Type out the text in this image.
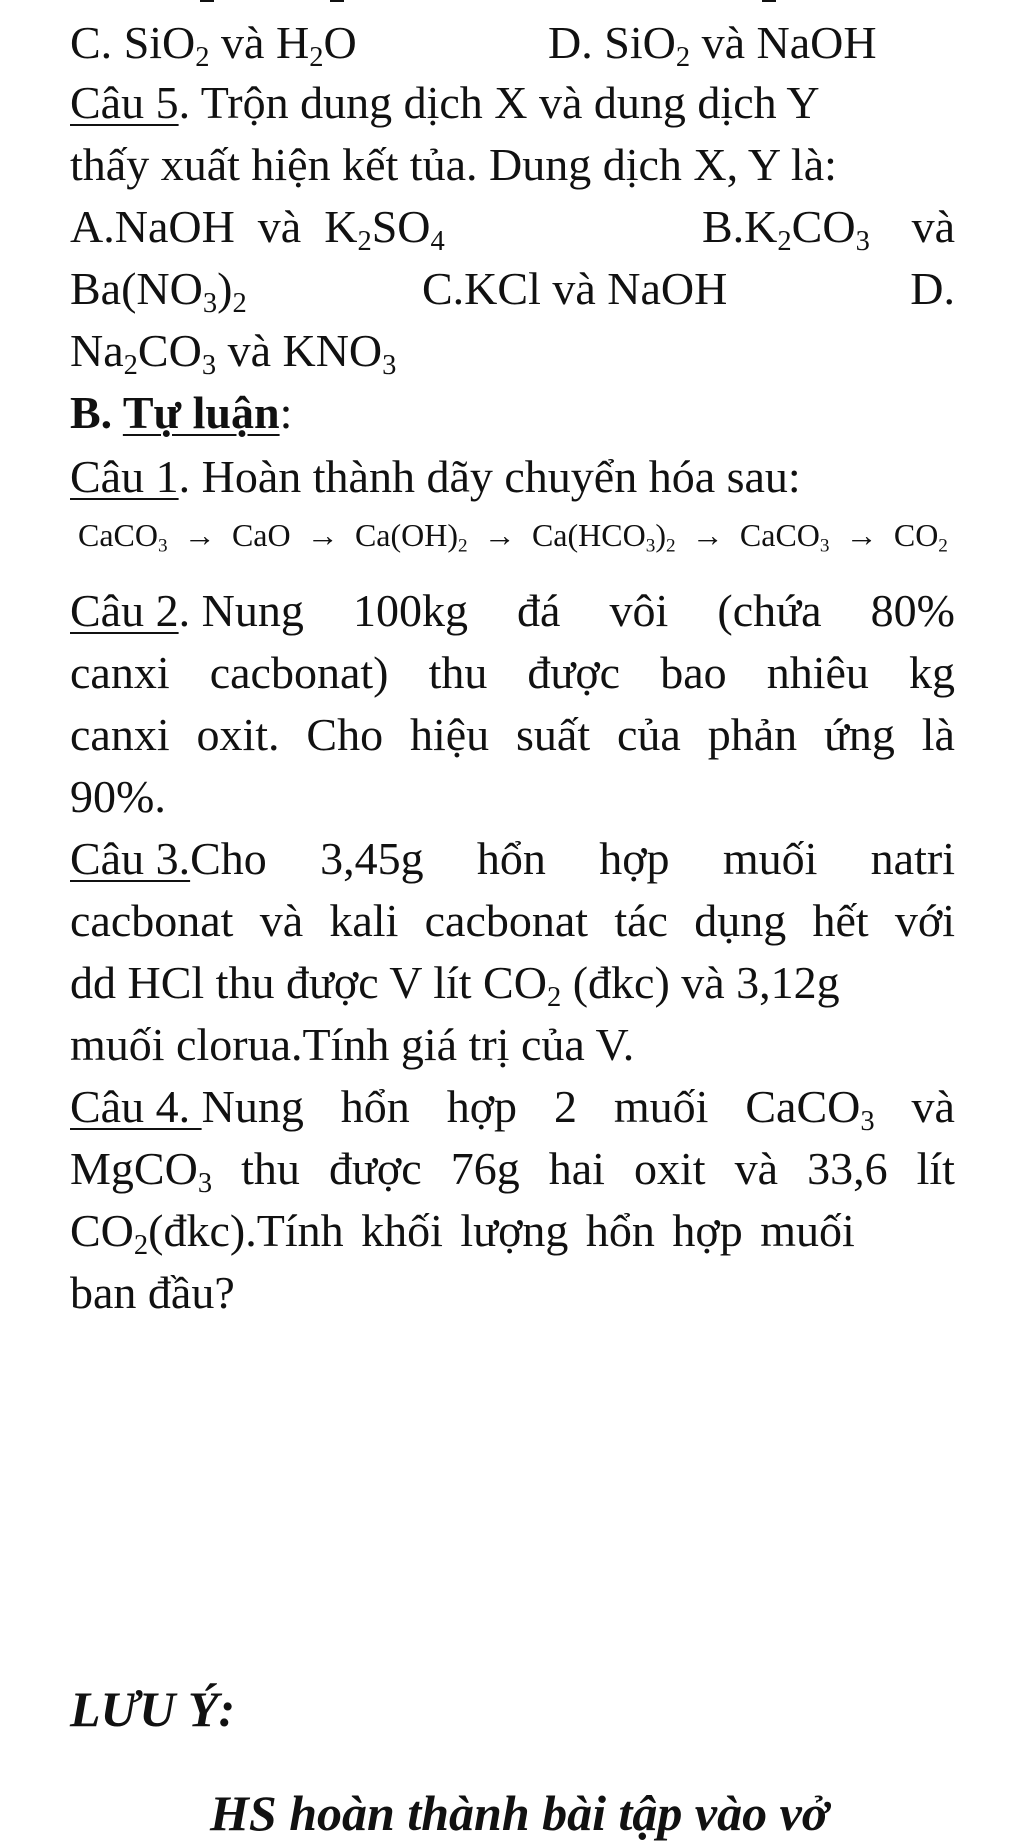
C. SiO$_2$ và $H_2O$	D. SiO$_2$ và NaOH
Câu 5. Trộn dung dịch X và dung dịch Y
thấy xuất hiện kết tủa. Dung dịch X, Y là:
A.NaOH và $K_2SO_4$	$B.K_2CO_3$ và
$Ba(NO_3)_2$	C.KCl và NaOH	D.
$Na_2CO_3$ và $KNO_3$
B. Tự luận:
Câu 1. Hoàn thành dãy chuyển hóa sau:
CaCO$_3$ → CaO → $Ca(OH)_2 \to Ca(HCO_3)_2$ → CaCO$_3$ → $CO_2$
Câu 2. Nung 100kg đá vôi (chứa 80%
canxi cacbonat) thu được bao nhiêu kg
canxi oxit. Cho hiệu suất của phản ứng là
90%.
Câu 3.Cho 3,45g hổn hợp muối natri
cacbonat và kali cacbonat tác dụng hết với
dd HCl thu được V lít $CO_2$ (đkc) và 3,12g
muối clorua.Tính giá trị của V.
Câu 4. Nung hổn hợp 2 muối CaCO$_3$ và
MgCO$_3$ thu được 76g hai oxit và 33,6 lít
$CO_2(đkc).Tính$ khối lượng hổn hợp muối
ban đầu?
LƯU Ý:
HS hoàn thành bài tập vào vở
